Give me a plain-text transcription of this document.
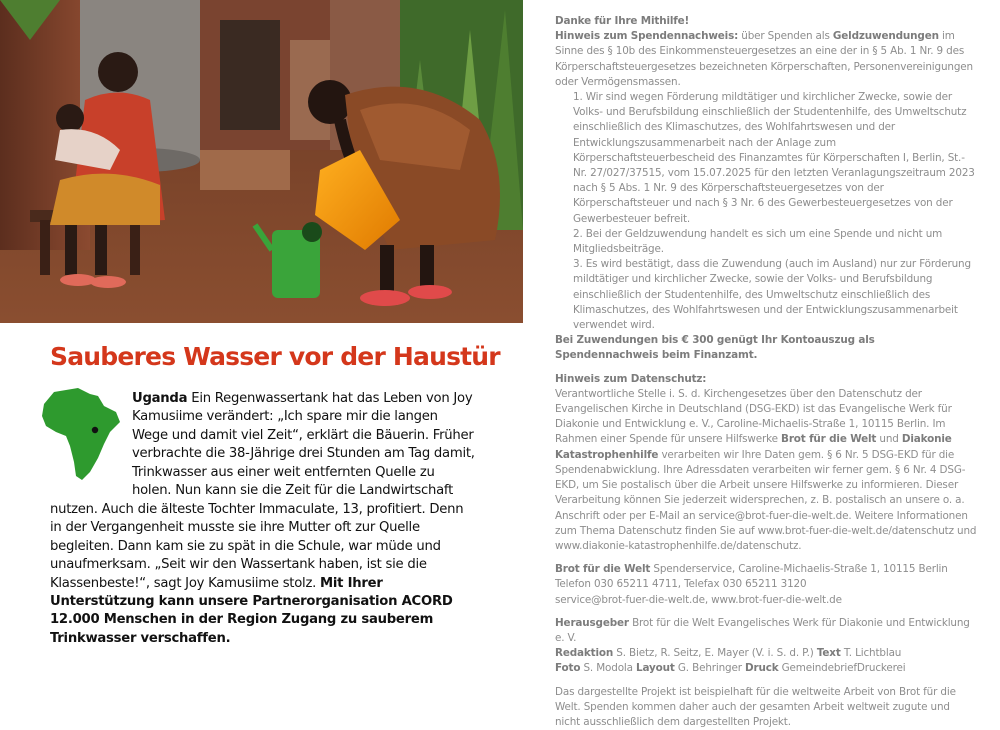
Sauberes Wasser vor der Haustür

Uganda Ein Regenwassertank hat das Leben von Joy Kamusiime verändert: „Ich spare mir die langen Wege und damit viel Zeit“, erklärt die Bäuerin. Früher verbrachte die 38-Jährige drei Stunden am Tag damit, Trinkwasser aus einer weit entfernten Quelle zu holen. Nun kann sie die Zeit für die Landwirtschaft nutzen. Auch die älteste Tochter Immaculate, 13, profitiert. Denn in der Vergangenheit musste sie ihre Mutter oft zur Quelle begleiten. Dann kam sie zu spät in die Schule, war müde und unaufmerksam. „Seit wir den Wassertank haben, ist sie die Klassenbeste!“, sagt Joy Kamusiime stolz. Mit Ihrer Unterstützung kann unsere Partnerorganisation ACORD 12.000 Menschen in der Region Zugang zu sauberem Trinkwasser verschaffen.

Danke für Ihre Mithilfe!

Hinweis zum Spendennachweis: über Spenden als Geldzuwendungen im Sinne des § 10b des Einkommensteuergesetzes an eine der in § 5 Ab. 1 Nr. 9 des Körperschaftsteuergesetzes bezeichneten Körperschaften, Personenvereinigungen oder Vermögensmassen.

1. Wir sind wegen Förderung mildtätiger und kirchlicher Zwecke, sowie der Volks- und Berufsbildung einschließlich der Studentenhilfe, des Umweltschutz einschließlich des Klimaschutzes, des Wohlfahrtswesen und der Entwicklungszusammenarbeit nach der Anlage zum Körperschaftsteuerbescheid des Finanzamtes für Körperschaften I, Berlin, St.-Nr. 27/027/37515, vom 15.07.2025 für den letzten Veranlagungszeitraum 2023 nach § 5 Abs. 1 Nr. 9 des Körperschaftsteuergesetzes von der Körperschaftsteuer und nach § 3 Nr. 6 des Gewerbesteuergesetzes von der Gewerbesteuer befreit.

2. Bei der Geldzuwendung handelt es sich um eine Spende und nicht um Mitgliedsbeiträge.

3. Es wird bestätigt, dass die Zuwendung (auch im Ausland) nur zur Förderung mildtätiger und kirchlicher Zwecke, sowie der Volks- und Berufsbildung einschließlich der Studentenhilfe, des Umweltschutz einschließlich des Klimaschutzes, des Wohlfahrtswesen und der Entwicklungszusammenarbeit verwendet wird.

Bei Zuwendungen bis € 300 genügt Ihr Kontoauszug als Spendennachweis beim Finanzamt.

Hinweis zum Datenschutz:

Verantwortliche Stelle i. S. d. Kirchengesetzes über den Datenschutz der Evangelischen Kirche in Deutschland (DSG-EKD) ist das Evangelische Werk für Diakonie und Entwicklung e. V., Caroline-Michaelis-Straße 1, 10115 Berlin. Im Rahmen einer Spende für unsere Hilfswerke Brot für die Welt und Diakonie Katastrophenhilfe verarbeiten wir Ihre Daten gem. § 6 Nr. 5 DSG-EKD für die Spendenabwicklung. Ihre Adressdaten verarbeiten wir ferner gem. § 6 Nr. 4 DSG-EKD, um Sie postalisch über die Arbeit unsere Hilfswerke zu informieren. Dieser Verarbeitung können Sie jederzeit widersprechen, z. B. postalisch an unsere o. a. Anschrift oder per E-Mail an service@brot-fuer-die-welt.de. Weitere Informationen zum Thema Datenschutz finden Sie auf www.brot-fuer-die-welt.de/datenschutz und www.diakonie-katastrophenhilfe.de/datenschutz.

Brot für die Welt Spenderservice, Caroline-Michaelis-Straße 1, 10115 Berlin

Telefon 030 65211 4711, Telefax 030 65211 3120

service@brot-fuer-die-welt.de, www.brot-fuer-die-welt.de

Herausgeber Brot für die Welt Evangelisches Werk für Diakonie und Entwicklung e. V.

Redaktion S. Bietz, R. Seitz, E. Mayer (V. i. S. d. P.) Text T. Lichtblau

Foto S. Modola Layout G. Behringer Druck GemeindebriefDruckerei

Das dargestellte Projekt ist beispielhaft für die weltweite Arbeit von Brot für die Welt. Spenden kommen daher auch der gesamten Arbeit weltweit zugute und nicht ausschließlich dem dargestellten Projekt.
